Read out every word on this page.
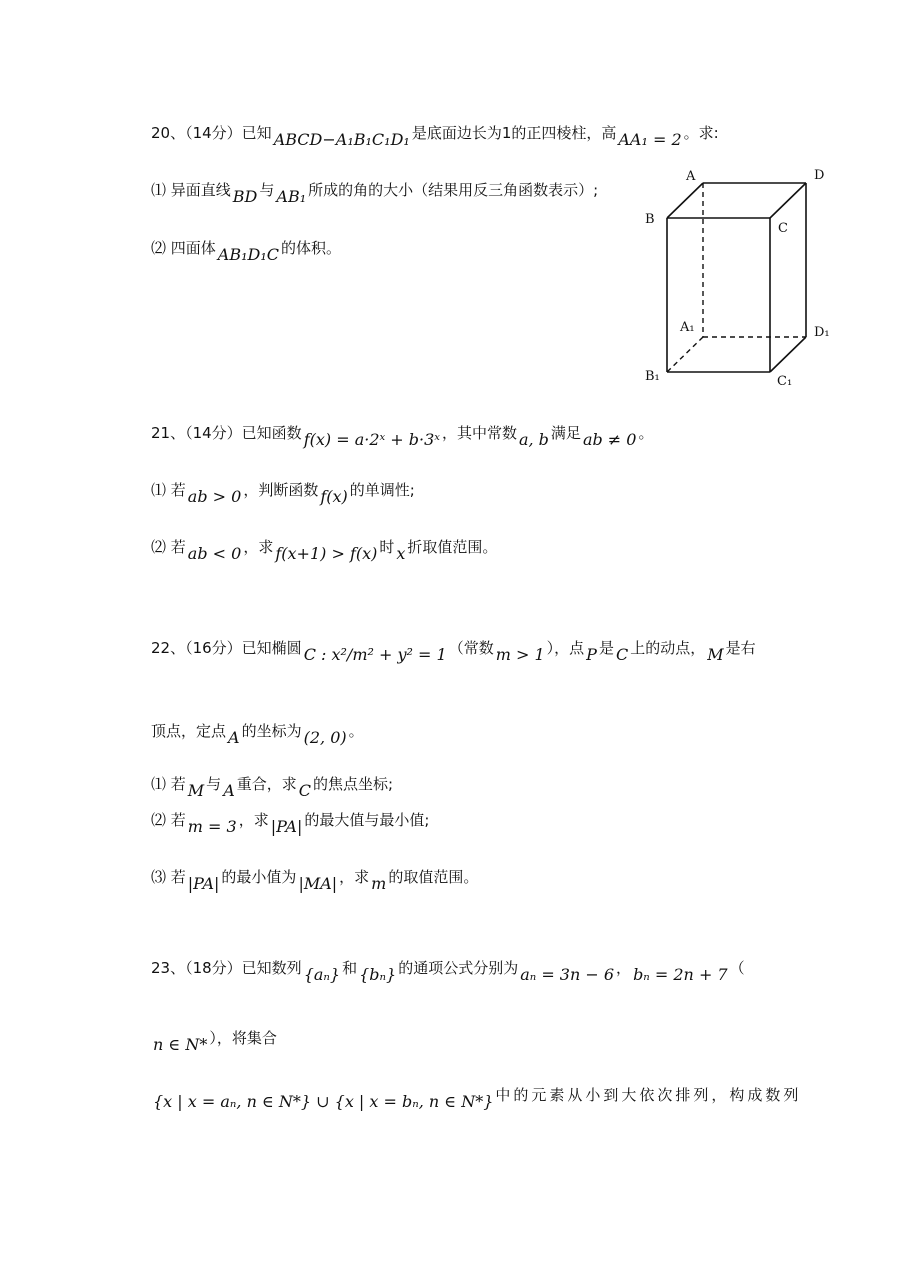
20、（14分）已知 ABCD−A₁B₁C₁D₁ 是底面边长为1的正四棱柱，高 AA₁ = 2 。求:
⑴ 异面直线 BD 与 AB₁ 所成的角的大小（结果用反三角函数表示）;
⑵ 四面体 AB₁D₁C 的体积。
A	D
B
C
A₁	D₁
B₁	C₁
21、（14分）已知函数 f(x) = a·2ˣ + b·3ˣ ，其中常数 a, b 满足 ab ≠ 0 。
⑴ 若 ab > 0 ，判断函数 f(x) 的单调性;
⑵ 若 ab < 0 ，求 f(x+1) > f(x) 时 x 折取值范围。
22、（16分）已知椭圆 C : x²/m² + y² = 1 （常数 m > 1 ），点 P 是 C 上的动点， M 是右
顶点，定点 A 的坐标为 (2, 0) 。
⑴ 若 M 与 A 重合，求 C 的焦点坐标;
⑵ 若 m = 3 ，求 |PA| 的最大值与最小值;
⑶ 若 |PA| 的最小值为 |MA| ，求 m 的取值范围。
23、（18分）已知数列 {aₙ} 和 {bₙ} 的通项公式分别为 aₙ = 3n − 6 ， bₙ = 2n + 7 （
n ∈ N* ），将集合
{x | x = aₙ, n ∈ N*} ∪ {x | x = bₙ, n ∈ N*} 中的元素从小到大依次排列，构成数列
